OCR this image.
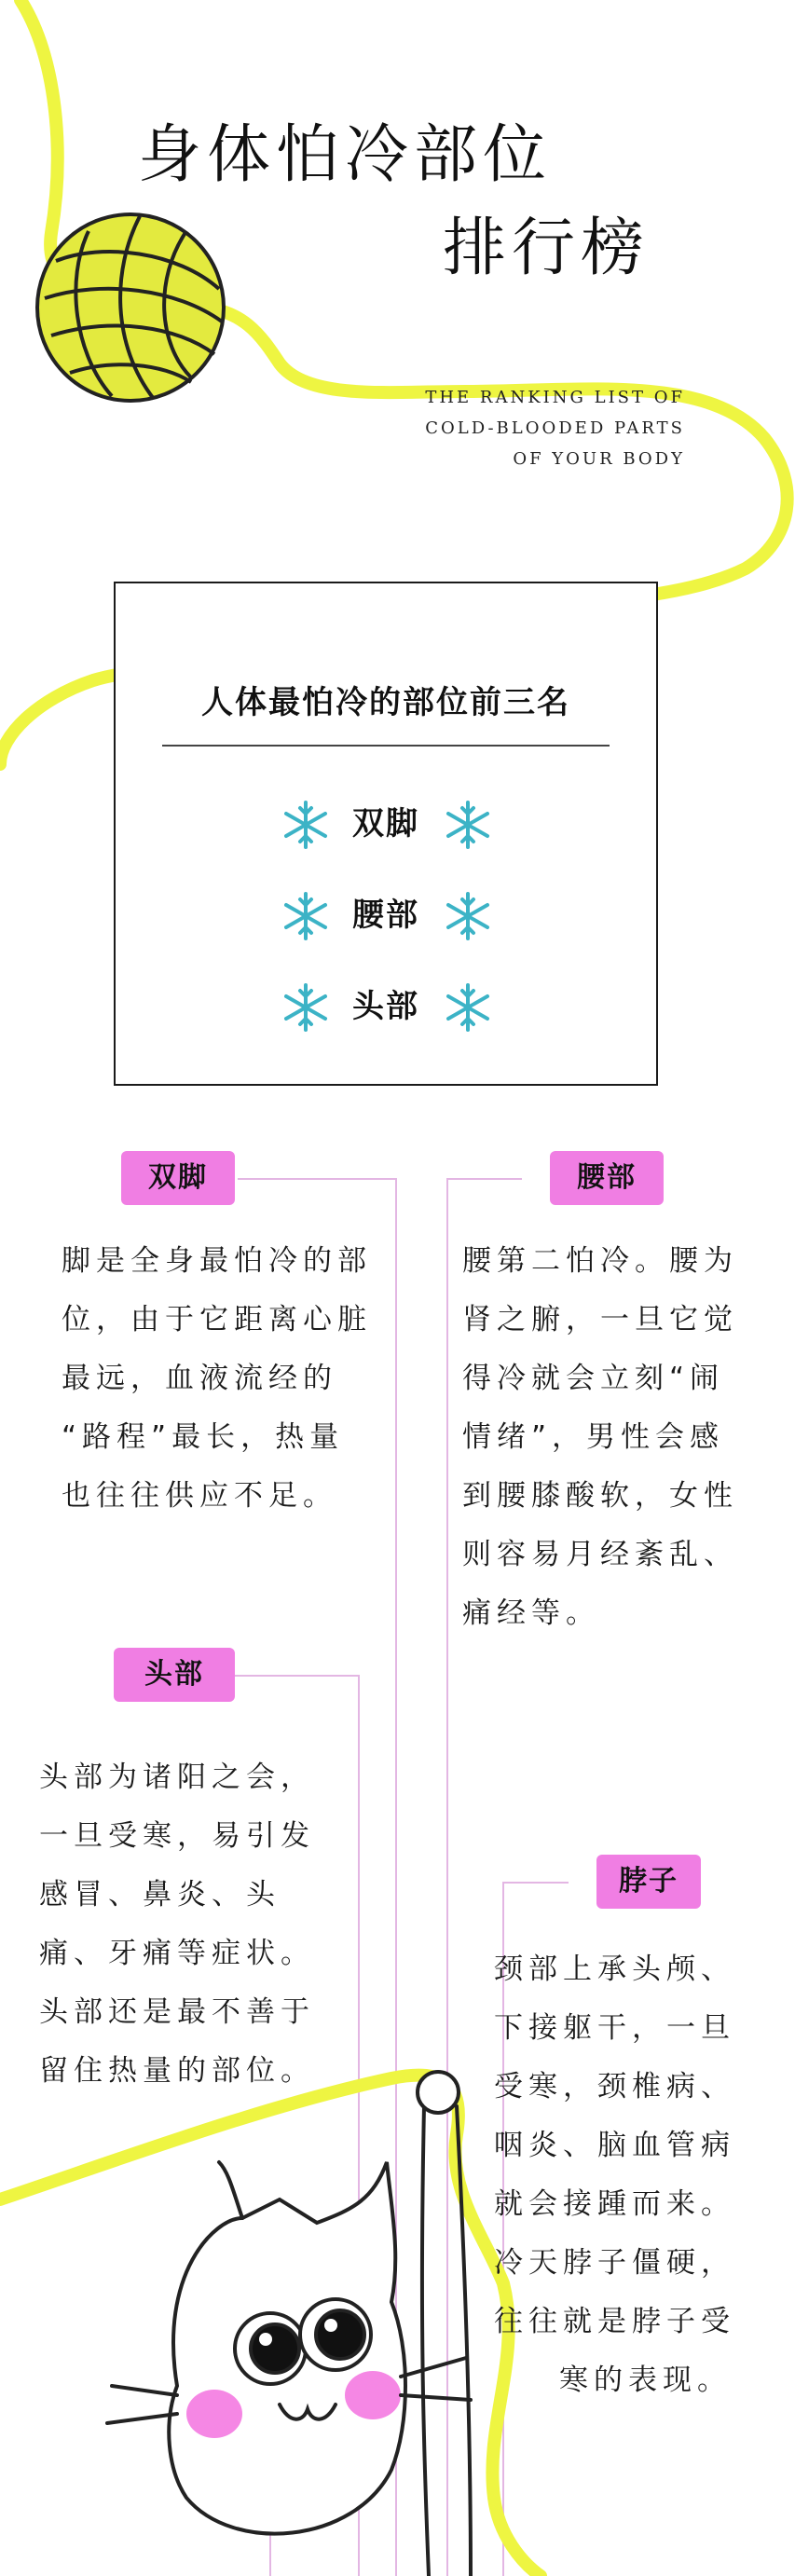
身体怕冷部位
排行榜
THE RANKING LIST OF
COLD-BLOODED PARTS
OF YOUR BODY
人体最怕冷的部位前三名
双脚
腰部
头部
双脚
脚是全身最怕冷的部
位，由于它距离心脏
最远，血液流经的
“路程”最长，热量
也往往供应不足。
腰部
腰第二怕冷。腰为
肾之腑，一旦它觉
得冷就会立刻“闹
情绪”，男性会感
到腰膝酸软，女性
则容易月经紊乱、
痛经等。
头部
头部为诸阳之会，
一旦受寒，易引发
感冒、鼻炎、头
痛、牙痛等症状。
头部还是最不善于
留住热量的部位。
脖子
颈部上承头颅、
下接躯干，一旦
受寒，颈椎病、
咽炎、脑血管病
就会接踵而来。
冷天脖子僵硬，
往往就是脖子受
寒的表现。
